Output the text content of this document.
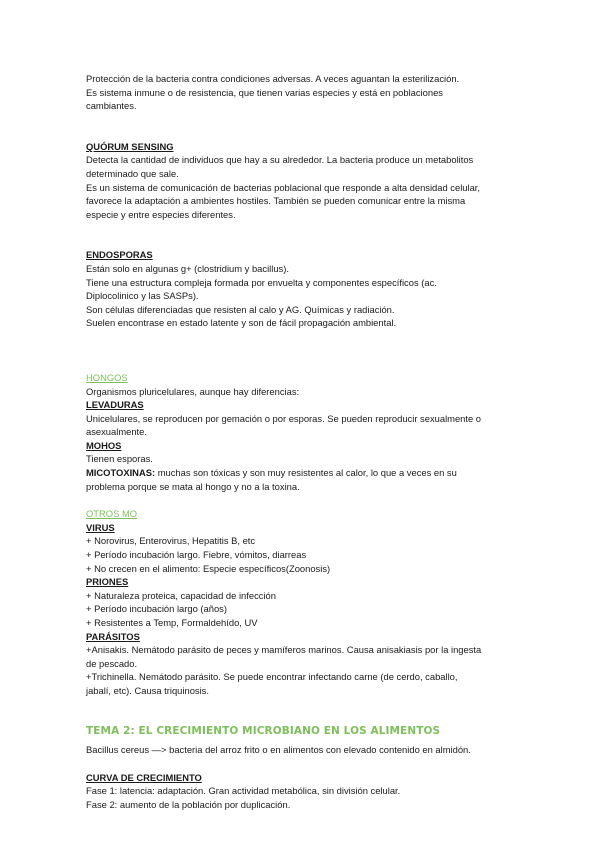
Protección de la bacteria contra condiciones adversas. A veces aguantan la esterilización.
Es sistema inmune o de resistencia, que tienen varias especies y está en poblaciones
cambiantes.
QUÓRUM SENSING
Detecta la cantidad de individuos que hay a su alrededor. La bacteria produce un metabolitos
determinado que sale.
Es un sistema de comunicación de bacterias poblacional que responde a alta densidad celular,
favorece la adaptación a ambientes hostiles. También se pueden comunicar entre la misma
especie y entre especies diferentes.
ENDOSPORAS
Están solo en algunas g+ (clostridium y bacillus).
Tiene una estructura compleja formada por envuelta y componentes específicos (ac.
Diplocolinico y las SASPs).
Son células diferenciadas que resisten al calo y AG. Químicas y radiación.
Suelen encontrase en estado latente y son de fácil propagación ambiental.
HONGOS
Organismos pluricelulares, aunque hay diferencias:
LEVADURAS
Unicelulares, se reproducen por gemación o por esporas. Se pueden reproducir sexualmente o
asexualmente.
MOHOS
Tienen esporas.
MICOTOXINAS: muchas son tóxicas y son muy resistentes al calor, lo que a veces en su
problema porque se mata al hongo y no a la toxina.
OTROS MO
VIRUS
+ Norovirus, Enterovirus, Hepatitis B, etc
+ Período incubación largo. Fiebre, vómitos, diarreas
+ No crecen en el alimento: Especie específicos(Zoonosis)
PRIONES
+ Naturaleza proteica, capacidad de infección
+ Período incubación largo (años)
+ Resistentes a Temp, Formaldehído, UV
PARÁSITOS
+Anisakis. Nemátodo parásito de peces y mamíferos marinos. Causa anisakiasis por la ingesta
de pescado.
+Trichinella. Nemátodo parásito. Se puede encontrar infectando carne (de cerdo, caballo,
jabalí, etc). Causa triquinosis.
TEMA 2: EL CRECIMIENTO MICROBIANO EN LOS ALIMENTOS
Bacillus cereus —> bacteria del arroz frito o en alimentos con elevado contenido en almidón.
CURVA DE CRECIMIENTO
Fase 1: latencia: adaptación. Gran actividad metabólica, sin división celular.
Fase 2: aumento de la población por duplicación.
